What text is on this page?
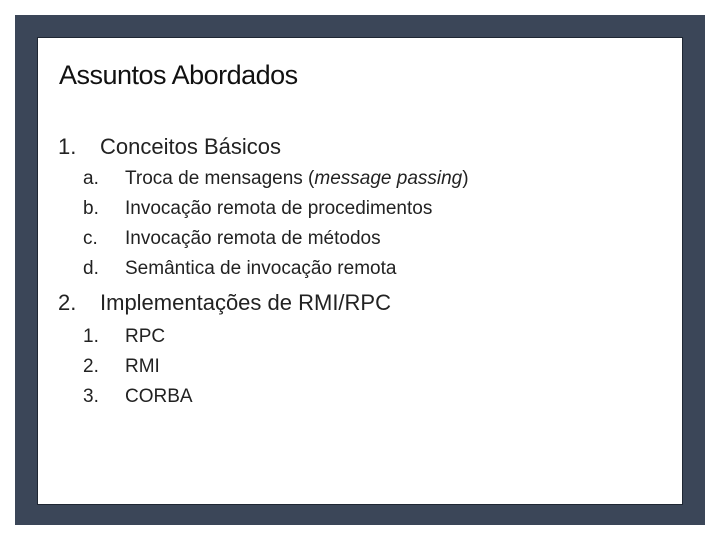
Assuntos Abordados
1. Conceitos Básicos
a. Troca de mensagens (message passing)
b. Invocação remota de procedimentos
c. Invocação remota de métodos
d. Semântica de invocação remota
2. Implementações de RMI/RPC
1. RPC
2. RMI
3. CORBA
